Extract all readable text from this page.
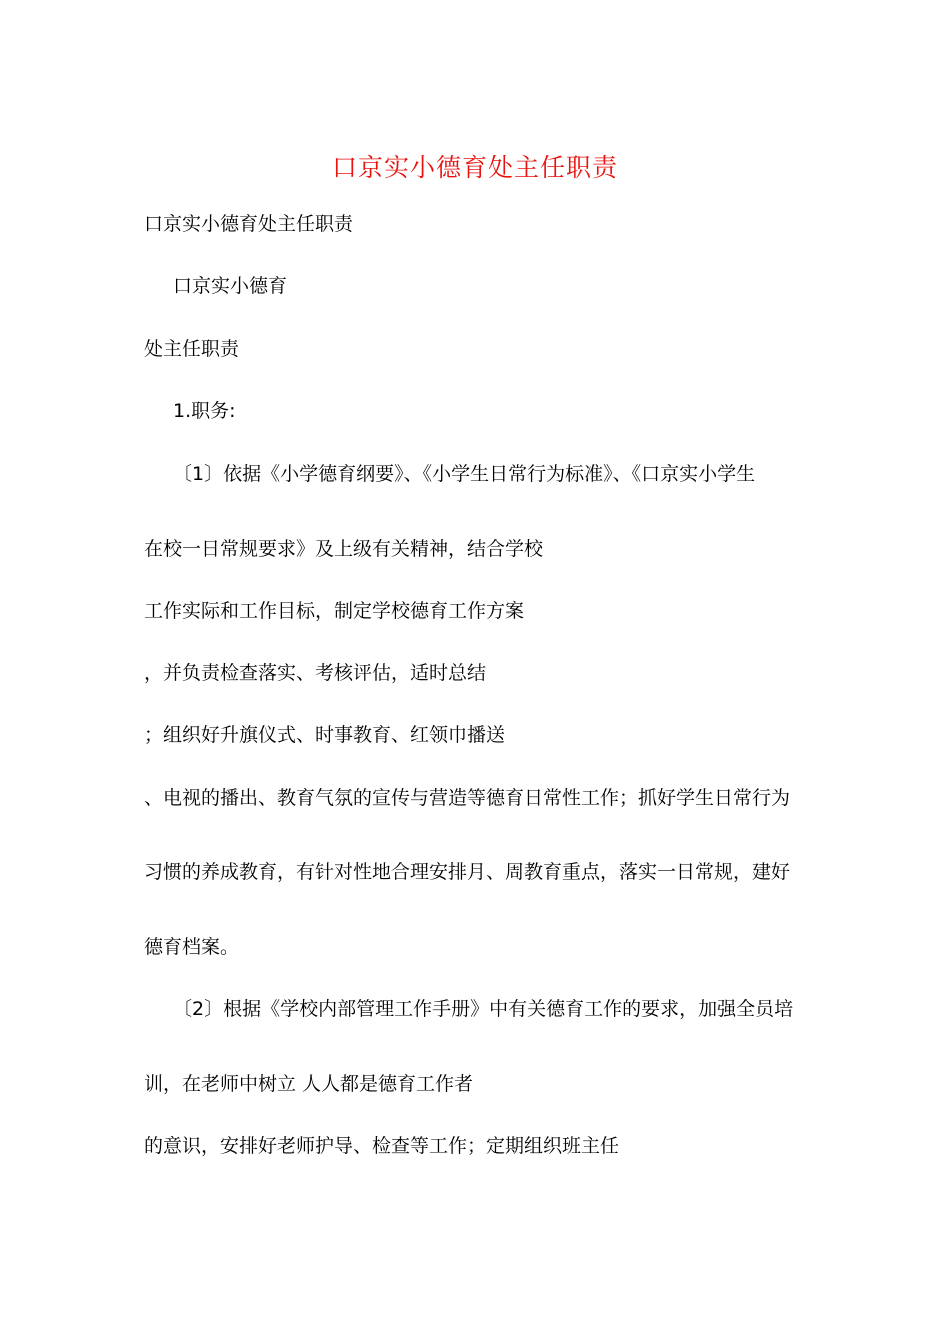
口京实小德育处主任职责
口京实小德育处主任职责
口京实小德育
处主任职责
1.职务:
〔1〕依据《小学德育纲要》、《小学生日常行为标准》、《口京实小学生
在校一日常规要求》及上级有关精神，结合学校
工作实际和工作目标，制定学校德育工作方案
，并负责检查落实、考核评估，适时总结
；组织好升旗仪式、时事教育、红领巾播送
、电视的播出、教育气氛的宣传与营造等德育日常性工作；抓好学生日常行为
习惯的养成教育，有针对性地合理安排月、周教育重点，落实一日常规，建好
德育档案。
〔2〕根据《学校内部管理工作手册》中有关德育工作的要求，加强全员培
训，在老师中树立 人人都是德育工作者
的意识，安排好老师护导、检查等工作；定期组织班主任
